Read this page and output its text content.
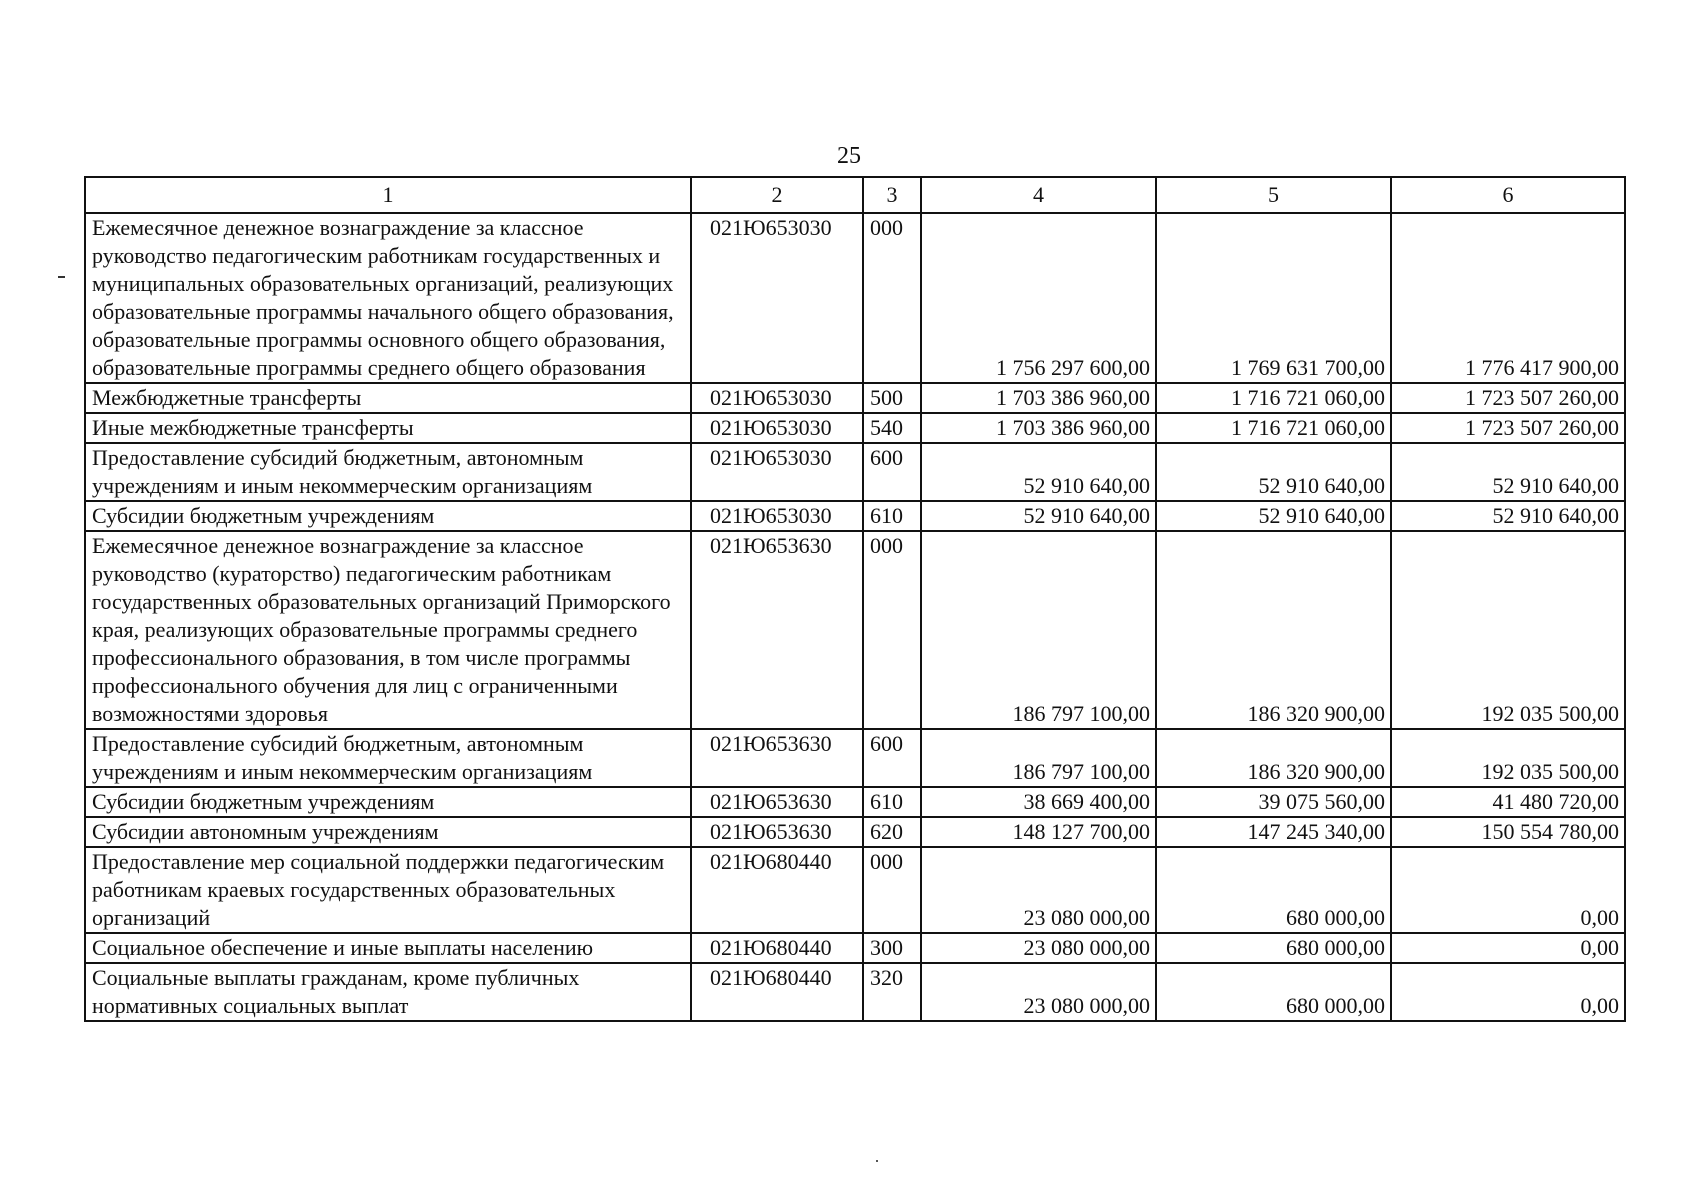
25
1	2	3	4	5	6
Ежемесячное денежное вознаграждение за классное руководство педагогическим работникам государственных и муниципальных образовательных организаций, реализующих образовательные программы начального общего образования, образовательные программы основного общего образования, образовательные программы среднего общего образования	021Ю653030	000	1 756 297 600,00	1 769 631 700,00	1 776 417 900,00
Межбюджетные трансферты	021Ю653030	500	1 703 386 960,00	1 716 721 060,00	1 723 507 260,00
Иные межбюджетные трансферты	021Ю653030	540	1 703 386 960,00	1 716 721 060,00	1 723 507 260,00
Предоставление субсидий бюджетным, автономным учреждениям и иным некоммерческим организациям	021Ю653030	600	52 910 640,00	52 910 640,00	52 910 640,00
Субсидии бюджетным учреждениям	021Ю653030	610	52 910 640,00	52 910 640,00	52 910 640,00
Ежемесячное денежное вознаграждение за классное руководство (кураторство) педагогическим работникам государственных образовательных организаций Приморского края, реализующих образовательные программы среднего профессионального образования, в том числе программы профессионального обучения для лиц с ограниченными возможностями здоровья	021Ю653630	000	186 797 100,00	186 320 900,00	192 035 500,00
Предоставление субсидий бюджетным, автономным учреждениям и иным некоммерческим организациям	021Ю653630	600	186 797 100,00	186 320 900,00	192 035 500,00
Субсидии бюджетным учреждениям	021Ю653630	610	38 669 400,00	39 075 560,00	41 480 720,00
Субсидии автономным учреждениям	021Ю653630	620	148 127 700,00	147 245 340,00	150 554 780,00
Предоставление мер социальной поддержки педагогическим работникам краевых государственных образовательных организаций	021Ю680440	000	23 080 000,00	680 000,00	0,00
Социальное обеспечение и иные выплаты населению	021Ю680440	300	23 080 000,00	680 000,00	0,00
Социальные выплаты гражданам, кроме публичных нормативных социальных выплат	021Ю680440	320	23 080 000,00	680 000,00	0,00
